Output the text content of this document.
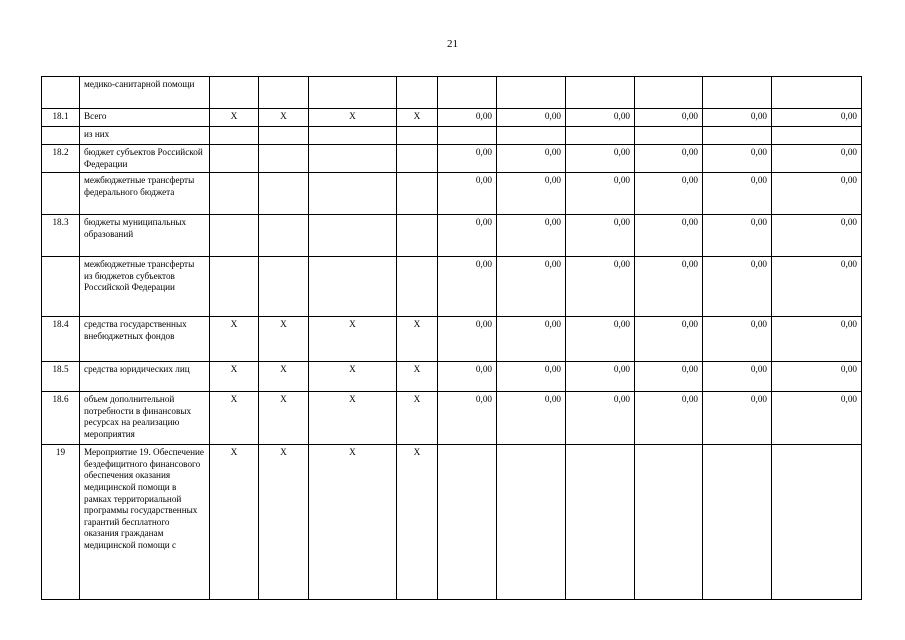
21
	медико-санитарной помощи										
18.1	Всего	X	X	X	X	0,00	0,00	0,00	0,00	0,00	0,00
	из них										
18.2	бюджет субъектов Российской Федерации					0,00	0,00	0,00	0,00	0,00	0,00
	межбюджетные трансферты федерального бюджета					0,00	0,00	0,00	0,00	0,00	0,00
18.3	бюджеты муниципальных образований					0,00	0,00	0,00	0,00	0,00	0,00
	межбюджетные трансферты из бюджетов субъектов Российской Федерации					0,00	0,00	0,00	0,00	0,00	0,00
18.4	средства государственных внебюджетных фондов	X	X	X	X	0,00	0,00	0,00	0,00	0,00	0,00
18.5	средства юридических лиц	X	X	X	X	0,00	0,00	0,00	0,00	0,00	0,00
18.6	объем дополнительной потребности в финансовых ресурсах на реализацию мероприятия	X	X	X	X	0,00	0,00	0,00	0,00	0,00	0,00
19	Мероприятие 19. Обеспечение бездефицитного финансового обеспечения оказания медицинской помощи в рамках территориальной программы государственных гарантий бесплатного оказания гражданам медицинской помощи с	X	X	X	X						
